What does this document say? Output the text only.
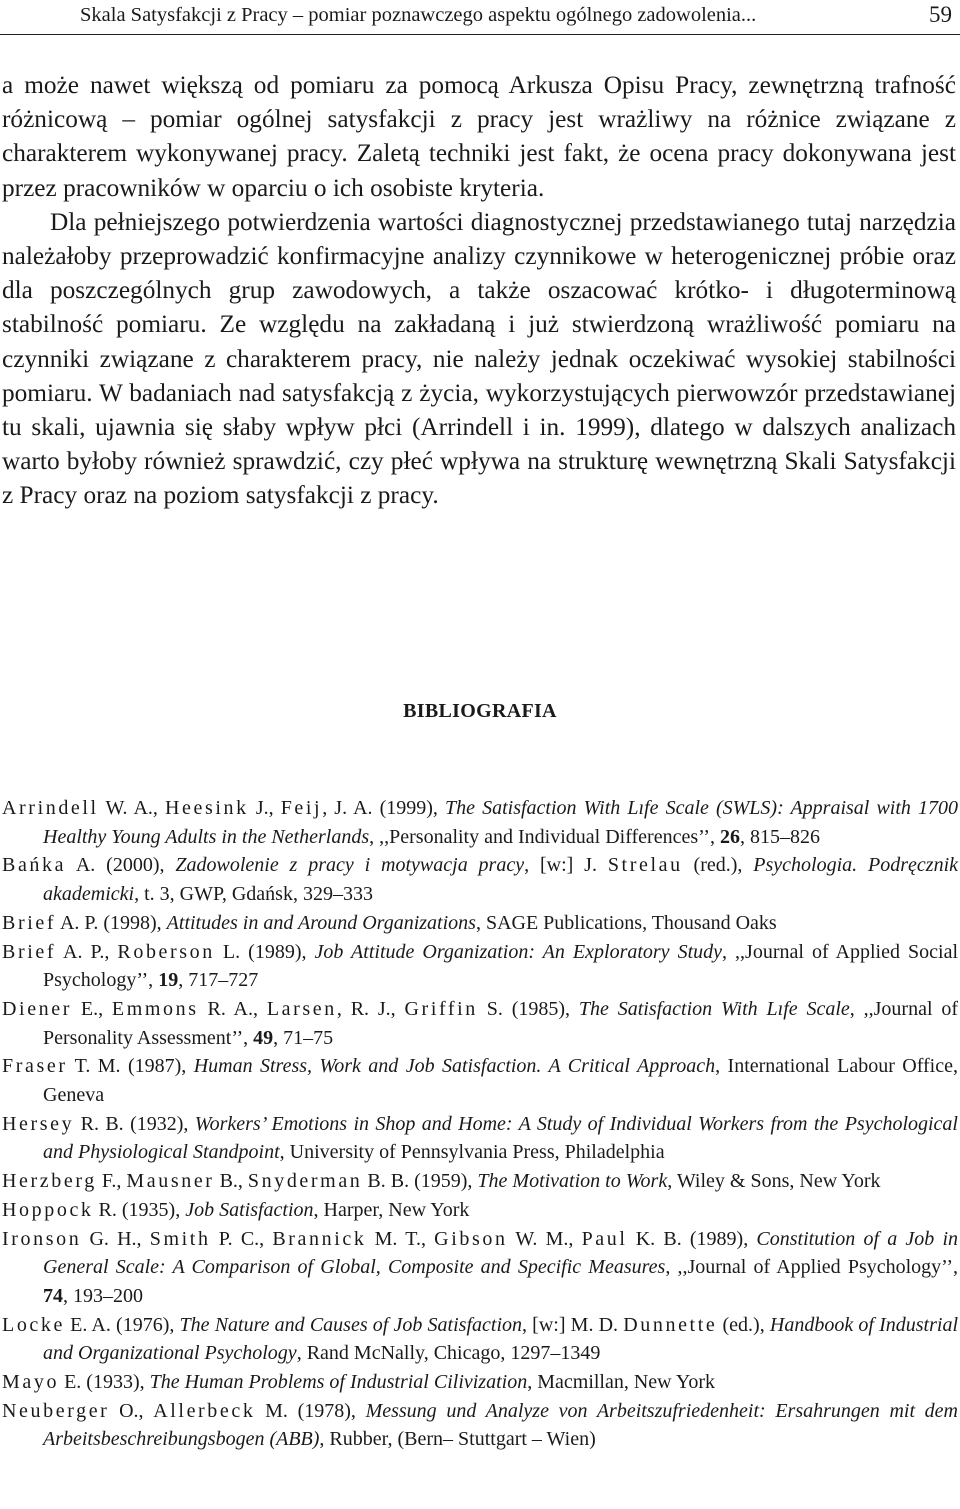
Skala Satysfakcji z Pracy – pomiar poznawczego aspektu ogólnego zadowolenia...	59

a może nawet większą od pomiaru za pomocą Arkusza Opisu Pracy, zewnętrzną trafność różnicową – pomiar ogólnej satysfakcji z pracy jest wrażliwy na różnice związane z charakterem wykonywanej pracy. Zaletą techniki jest fakt, że ocena pracy dokonywana jest przez pracowników w oparciu o ich osobiste kryteria.

Dla pełniejszego potwierdzenia wartości diagnostycznej przedstawianego tutaj narzędzia należałoby przeprowadzić konfirmacyjne analizy czynnikowe w heterogenicznej próbie oraz dla poszczególnych grup zawodowych, a także oszacować krótko- i długoterminową stabilność pomiaru. Ze względu na zakładaną i już stwierdzoną wrażliwość pomiaru na czynniki związane z charakterem pracy, nie należy jednak oczekiwać wysokiej stabilności pomiaru. W badaniach nad satysfakcją z życia, wykorzystujących pierwowzór przedstawianej tu skali, ujawnia się słaby wpływ płci (Arrindell i in. 1999), dlatego w dalszych analizach warto byłoby również sprawdzić, czy płeć wpływa na strukturę wewnętrzną Skali Satysfakcji z Pracy oraz na poziom satysfakcji z pracy.

BIBLIOGRAFIA

Arrindell W. A., Heesink J., Feij, J. A. (1999), The Satisfaction With Lıfe Scale (SWLS): Appraisal with 1700 Healthy Young Adults in the Netherlands, ,,Personality and Individual Differences’’, 26, 815–826

Bańka A. (2000), Zadowolenie z pracy i motywacja pracy, [w:] J. Strelau (red.), Psychologia. Podręcznik akademicki, t. 3, GWP, Gdańsk, 329–333

Brief A. P. (1998), Attitudes in and Around Organizations, SAGE Publications, Thousand Oaks

Brief A. P., Roberson L. (1989), Job Attitude Organization: An Exploratory Study, ,,Journal of Applied Social Psychology’’, 19, 717–727

Diener E., Emmons R. A., Larsen, R. J., Griffin S. (1985), The Satisfaction With Lıfe Scale, ,,Journal of Personality Assessment’’, 49, 71–75

Fraser T. M. (1987), Human Stress, Work and Job Satisfaction. A Critical Approach, International Labour Office, Geneva

Hersey R. B. (1932), Workers’ Emotions in Shop and Home: A Study of Individual Workers from the Psychological and Physiological Standpoint, University of Pennsylvania Press, Philadelphia

Herzberg F., Mausner B., Snyderman B. B. (1959), The Motivation to Work, Wiley & Sons, New York

Hoppock R. (1935), Job Satisfaction, Harper, New York

Ironson G. H., Smith P. C., Brannick M. T., Gibson W. M., Paul K. B. (1989), Constitution of a Job in General Scale: A Comparison of Global, Composite and Specific Measures, ,,Journal of Applied Psychology’’, 74, 193–200

Locke E. A. (1976), The Nature and Causes of Job Satisfaction, [w:] M. D. Dunnette (ed.), Handbook of Industrial and Organizational Psychology, Rand McNally, Chicago, 1297–1349

Mayo E. (1933), The Human Problems of Industrial Cilivization, Macmillan, New York

Neuberger O., Allerbeck M. (1978), Messung und Analyze von Arbeitszufriedenheit: Ersahrungen mit dem Arbeitsbeschreibungsbogen (ABB), Rubber, (Bern– Stuttgart – Wien)
